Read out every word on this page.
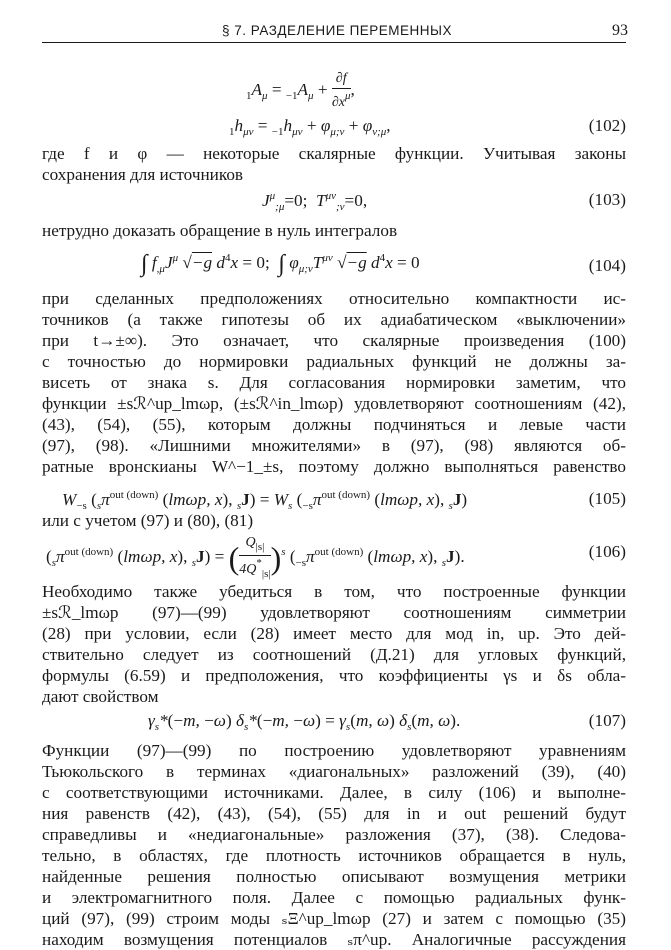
§ 7. РАЗДЕЛЕНИЕ ПЕРЕМЕННЫХ	93
$_1A_\mu = _{-1}A_\mu + \frac{\partial f}{\partial x^\mu}$ ,
$_1h_{\mu\nu} = _{-1}h_{\mu\nu} + \varphi_{\mu;\nu} + \varphi_{\nu;\mu}$,	(102)
где f и φ — некоторые скалярные функции. Учитывая законы
сохранения для источников
$J^\mu_{;\mu}=0$;  $T^{\mu\nu}_{;\nu}=0$,	(103)
нетрудно доказать обращение в нуль интегралов
∫ $f_{,\mu}J^\mu$ √−g $d^4x = 0$; ∫ $\varphi_{\mu;\nu}T^{\mu\nu}$ √−g $d^4x = 0$	(104)
при сделанных предположениях относительно компактности ис-
точников (а также гипотезы об их адиабатическом «выключении»
при t→±∞). Это означает, что скалярные произведения (100)
с точностью до нормировки радиальных функций не должны за-
висеть от знака s. Для согласования нормировки заметим, что
функции ±sℛ^up_lmωp, (±sℛ^in_lmωp) удовлетворяют соотношениям (42),
(43), (54), (55), которым должны подчиняться и левые части
(97), (98). «Лишними множителями» в (97), (98) являются об-
ратные вронскианы W^−1_±s, поэтому должно выполняться равенство
$W_{-s}$ ($_s\pi^{out (down)}$ (lmωp, x), $_sJ) = W_s$ ($_{-s}\pi^{out (down)}$ (lmωp, x), $_s$J)	(105)
или с учетом (97) и (80), (81)
($_s\pi^{out (down)}$ (lmωp, x), $_s$J) = ( $\frac{Q_{|s|}}{4Q^*_{|s|}} )^s$ ($_{-s}\pi^{out (down)}$ (lmωp, x), $_s$J).	(106)
Необходимо также убедиться в том, что построенные функции
±sℛ_lmωp (97)—(99) удовлетворяют соотношениям симметрии
(28) при условии, если (28) имеет место для мод in, up. Это дей-
ствительно следует из соотношений (Д.21) для угловых функций,
формулы (6.59) и предположения, что коэффициенты γs и δs обла-
дают свойством
$\gamma_s*(-m$, −ω) $\delta_s*(-m$, $-\omega) = \gamma_s(m$, ω) $\delta_s(m$, ω).	(107)
Функции (97)—(99) по построению удовлетворяют уравнениям
Тьюкольского в терминах «диагональных» разложений (39), (40)
с соответствующими источниками. Далее, в силу (106) и выполне-
ния равенств (42), (43), (54), (55) для in и out решений будут
справедливы и «недиагональные» разложения (37), (38). Следова-
тельно, в областях, где плотность источников обращается в нуль,
найденные решения полностью описывают возмущения метрики
и электромагнитного поля. Далее с помощью радиальных функ-
ций (97), (99) строим моды ₛΞ^up_lmωp (27) и затем с помощью (35)
находим возмущения потенциалов ₛπ^up. Аналогичные рассуждения
